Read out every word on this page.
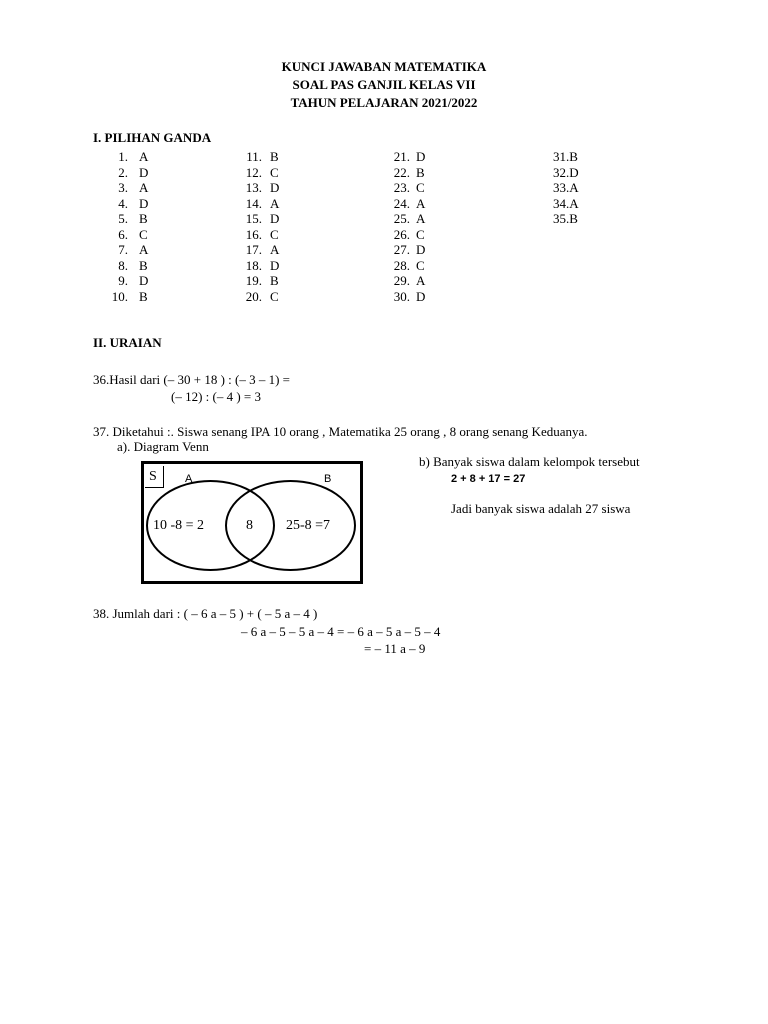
KUNCI JAWABAN MATEMATIKA
SOAL PAS GANJIL KELAS VII
TAHUN PELAJARAN 2021/2022
I. PILIHAN GANDA
1. A
2. D
3. A
4. D
5. B
6. C
7. A
8. B
9. D
10. B
11. B
12. C
13. D
14. A
15. D
16. C
17. A
18. D
19. B
20. C
21. D
22. B
23. C
24. A
25. A
26. C
27. D
28. C
29. A
30. D
31.B
32.D
33.A
34.A
35.B
II. URAIAN
36.Hasil dari (– 30 + 18 ) : (– 3 – 1) =
(– 12) : (– 4 ) = 3
37. Diketahui :. Siswa senang IPA 10 orang , Matematika 25 orang , 8 orang senang Keduanya.
a). Diagram Venn
S	A	B
10 -8 = 2	8 25-8 =7
b) Banyak siswa dalam kelompok tersebut
2 + 8 + 17 = 27
Jadi banyak siswa adalah 27 siswa
38. Jumlah dari : ( – 6 a – 5 ) + ( – 5 a – 4 )
– 6 a – 5 – 5 a – 4 = – 6 a – 5 a – 5 – 4
= – 11 a – 9
